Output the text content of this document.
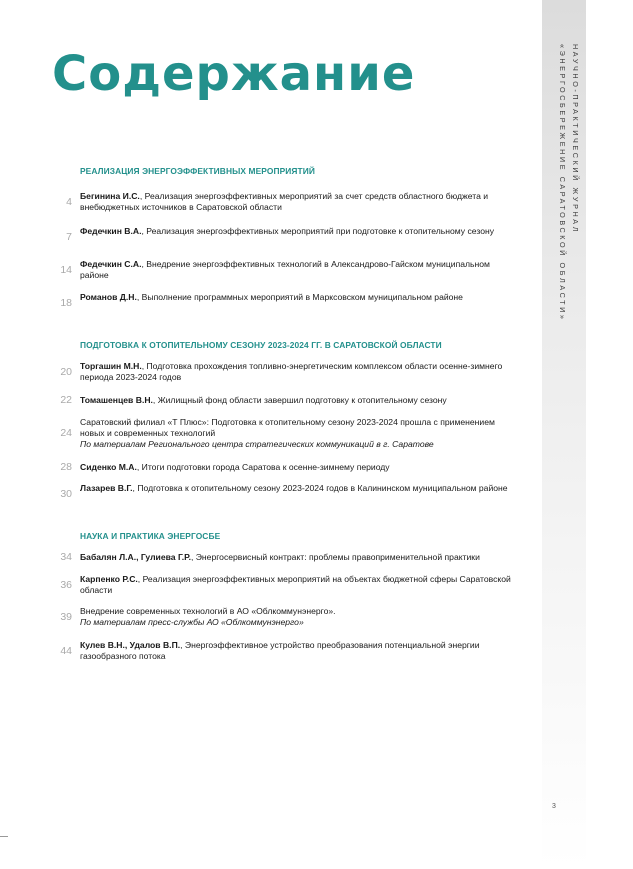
НАУЧНО-ПРАКТИЧЕСКИЙ ЖУРНАЛ
«ЭНЕРГОСБЕРЕЖЕНИЕ САРАТОВСКОЙ ОБЛАСТИ»
Содержание
РЕАЛИЗАЦИЯ ЭНЕРГОЭФФЕКТИВНЫХ МЕРОПРИЯТИЙ
4 Бегинина И.С., Реализация энергоэффективных мероприятий за счет средств областного бюджета и внебюджетных источников в Саратовской области
7 Федечкин В.А., Реализация энергоэффективных мероприятий при подготовке к отопительному сезону
14 Федечкин С.А., Внедрение энергоэффективных технологий в Александрово-Гайском муниципальном районе
18 Романов Д.Н., Выполнение программных мероприятий в Марксовском муниципальном районе
ПОДГОТОВКА К ОТОПИТЕЛЬНОМУ СЕЗОНУ 2023-2024 ГГ. В САРАТОВСКОЙ ОБЛАСТИ
20 Торгашин М.Н., Подготовка прохождения топливно-энергетическим комплексом области осенне-зимнего периода 2023-2024 годов
22 Томашенцев В.Н., Жилищный фонд области завершил подготовку к отопительному сезону
24
Саратовский филиал «Т Плюс»: Подготовка к отопительному сезону 2023-2024 прошла с применением новых и современных технологий
По материалам Регионального центра стратегических коммуникаций в г. Саратове
28 Сиденко М.А., Итоги подготовки города Саратова к осенне-зимнему периоду
30 Лазарев В.Г., Подготовка к отопительному сезону 2023-2024 годов в Калининском муниципальном районе
НАУКА И ПРАКТИКА ЭНЕРГОСБЕ
34 Бабалян Л.А., Гулиева Г.Р., Энергосервисный контракт: проблемы правоприменительной практики
36 Карпенко Р.С., Реализация энергоэффективных мероприятий на объектах бюджетной сферы Саратовской области
39 Внедрение современных технологий в АО «Облкоммунэнерго».
По материалам пресс-службы АО «Облкоммунэнерго»
44 Кулев В.Н., Удалов В.П., Энергоэффективное устройство преобразования потенциальной энергии газообразного потока
3
